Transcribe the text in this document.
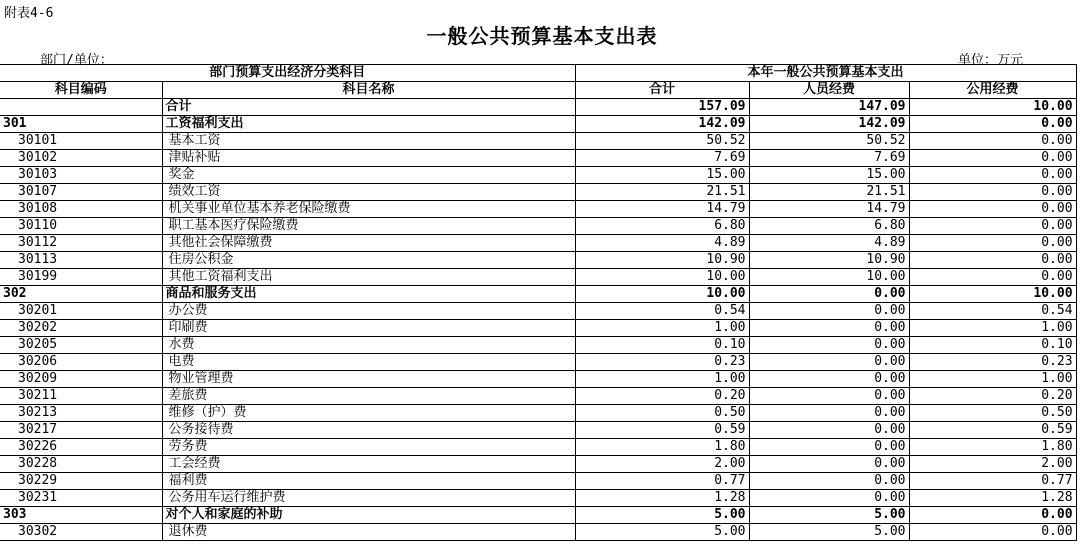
附表4-6
一般公共预算基本支出表
部门/单位：	单位：万元
部门预算支出经济分类科目		本年一般公共预算基本支出		
科目编码	科目名称	合计	人员经费	公用经费
	合计	157.09	147.09	10.00
301	工资福利支出	142.09	142.09	0.00
30101	基本工资	50.52	50.52	0.00
30102	津贴补贴	7.69	7.69	0.00
30103	奖金	15.00	15.00	0.00
30107	绩效工资	21.51	21.51	0.00
30108	机关事业单位基本养老保险缴费	14.79	14.79	0.00
30110	职工基本医疗保险缴费	6.80	6.80	0.00
30112	其他社会保障缴费	4.89	4.89	0.00
30113	住房公积金	10.90	10.90	0.00
30199	其他工资福利支出	10.00	10.00	0.00
302	商品和服务支出	10.00	0.00	10.00
30201	办公费	0.54	0.00	0.54
30202	印刷费	1.00	0.00	1.00
30205	水费	0.10	0.00	0.10
30206	电费	0.23	0.00	0.23
30209	物业管理费	1.00	0.00	1.00
30211	差旅费	0.20	0.00	0.20
30213	维修（护）费	0.50	0.00	0.50
30217	公务接待费	0.59	0.00	0.59
30226	劳务费	1.80	0.00	1.80
30228	工会经费	2.00	0.00	2.00
30229	福利费	0.77	0.00	0.77
30231	公务用车运行维护费	1.28	0.00	1.28
303	对个人和家庭的补助	5.00	5.00	0.00
30302	退休费	5.00	5.00	0.00
